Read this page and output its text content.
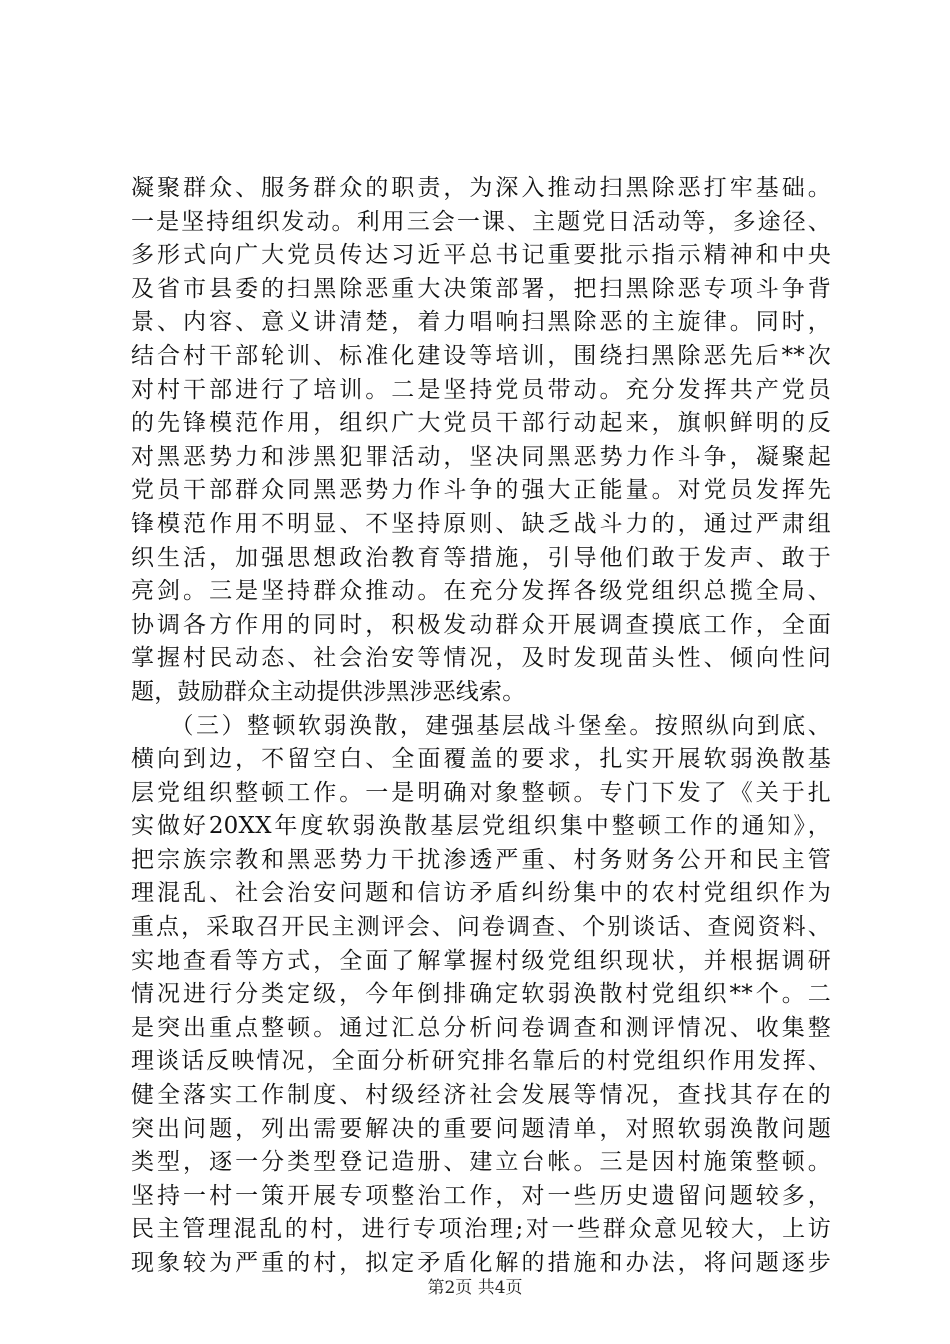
凝聚群众、服务群众的职责，为深入推动扫黑除恶打牢基础。
一是坚持组织发动。利用三会一课、主题党日活动等，多途径、
多形式向广大党员传达习近平总书记重要批示指示精神和中央
及省市县委的扫黑除恶重大决策部署，把扫黑除恶专项斗争背
景、内容、意义讲清楚，着力唱响扫黑除恶的主旋律。同时，
结合村干部轮训、标准化建设等培训，围绕扫黑除恶先后**次
对村干部进行了培训。二是坚持党员带动。充分发挥共产党员
的先锋模范作用，组织广大党员干部行动起来，旗帜鲜明的反
对黑恶势力和涉黑犯罪活动，坚决同黑恶势力作斗争，凝聚起
党员干部群众同黑恶势力作斗争的强大正能量。对党员发挥先
锋模范作用不明显、不坚持原则、缺乏战斗力的，通过严肃组
织生活，加强思想政治教育等措施，引导他们敢于发声、敢于
亮剑。三是坚持群众推动。在充分发挥各级党组织总揽全局、
协调各方作用的同时，积极发动群众开展调查摸底工作，全面
掌握村民动态、社会治安等情况，及时发现苗头性、倾向性问
题，鼓励群众主动提供涉黑涉恶线索。
　　（三）整顿软弱涣散，建强基层战斗堡垒。按照纵向到底、
横向到边，不留空白、全面覆盖的要求，扎实开展软弱涣散基
层党组织整顿工作。一是明确对象整顿。专门下发了《关于扎
实做好20XX年度软弱涣散基层党组织集中整顿工作的通知》，
把宗族宗教和黑恶势力干扰渗透严重、村务财务公开和民主管
理混乱、社会治安问题和信访矛盾纠纷集中的农村党组织作为
重点，采取召开民主测评会、问卷调查、个别谈话、查阅资料、
实地查看等方式，全面了解掌握村级党组织现状，并根据调研
情况进行分类定级，今年倒排确定软弱涣散村党组织**个。二
是突出重点整顿。通过汇总分析问卷调查和测评情况、收集整
理谈话反映情况，全面分析研究排名靠后的村党组织作用发挥、
健全落实工作制度、村级经济社会发展等情况，查找其存在的
突出问题，列出需要解决的重要问题清单，对照软弱涣散问题
类型，逐一分类型登记造册、建立台帐。三是因村施策整顿。
坚持一村一策开展专项整治工作，对一些历史遗留问题较多，
民主管理混乱的村，进行专项治理;对一些群众意见较大，上访
现象较为严重的村，拟定矛盾化解的措施和办法，将问题逐步
第2页 共4页
